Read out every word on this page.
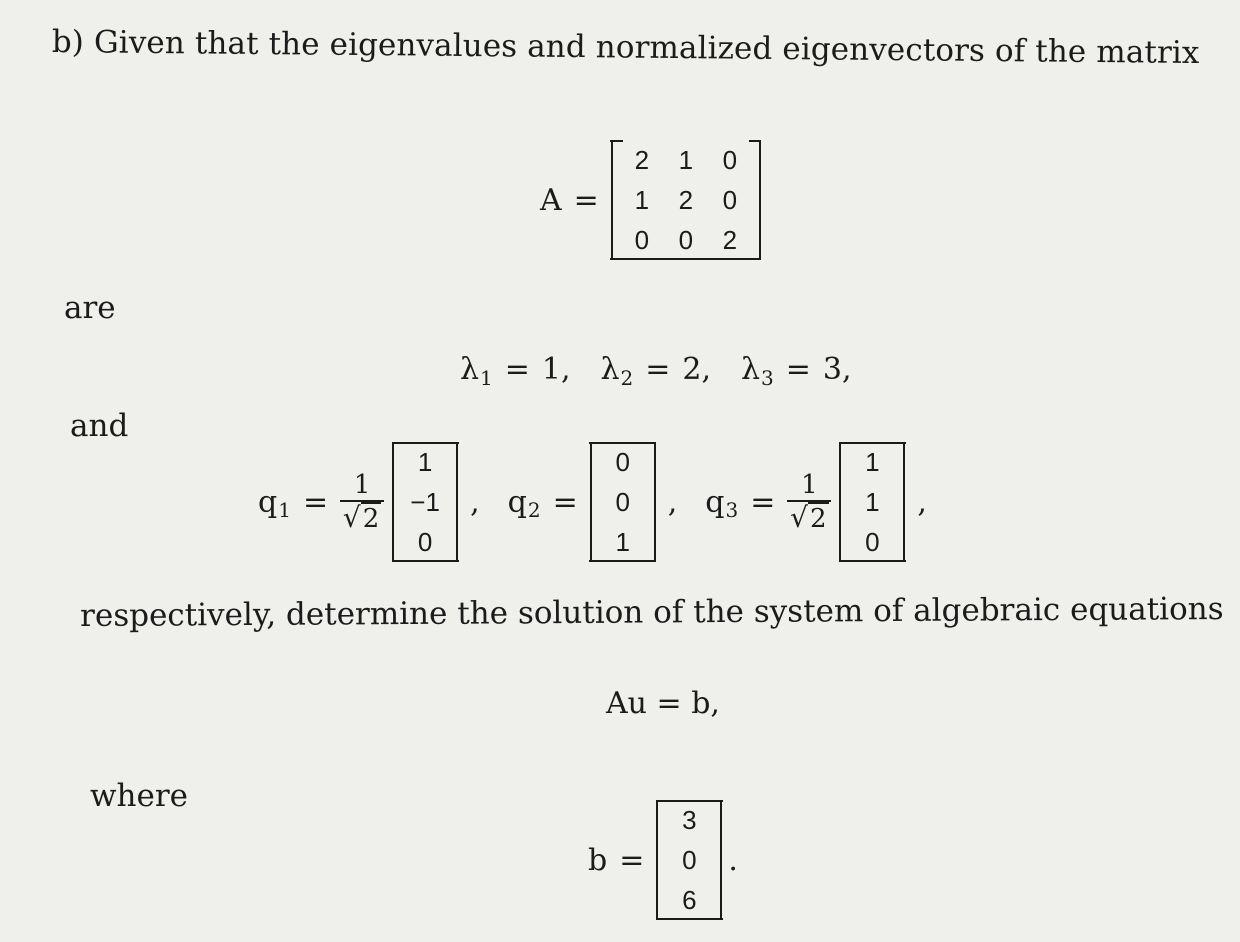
b) Given that the eigenvalues and normalized eigenvectors of the matrix
A =
2 1 0
1 2 0
0 0 2
are
λ 1 = 1, λ 2 = 2, λ 3 = 3,
and
q $1 = \frac{1}{√2}$
1
−1
0
, q 2 =
0
0
1
, q $3 = \frac{1}{√2}$
1
1
0
,
respectively, determine the solution of the system of algebraic equations
Au = b,
where
b =
3
0
6
.
